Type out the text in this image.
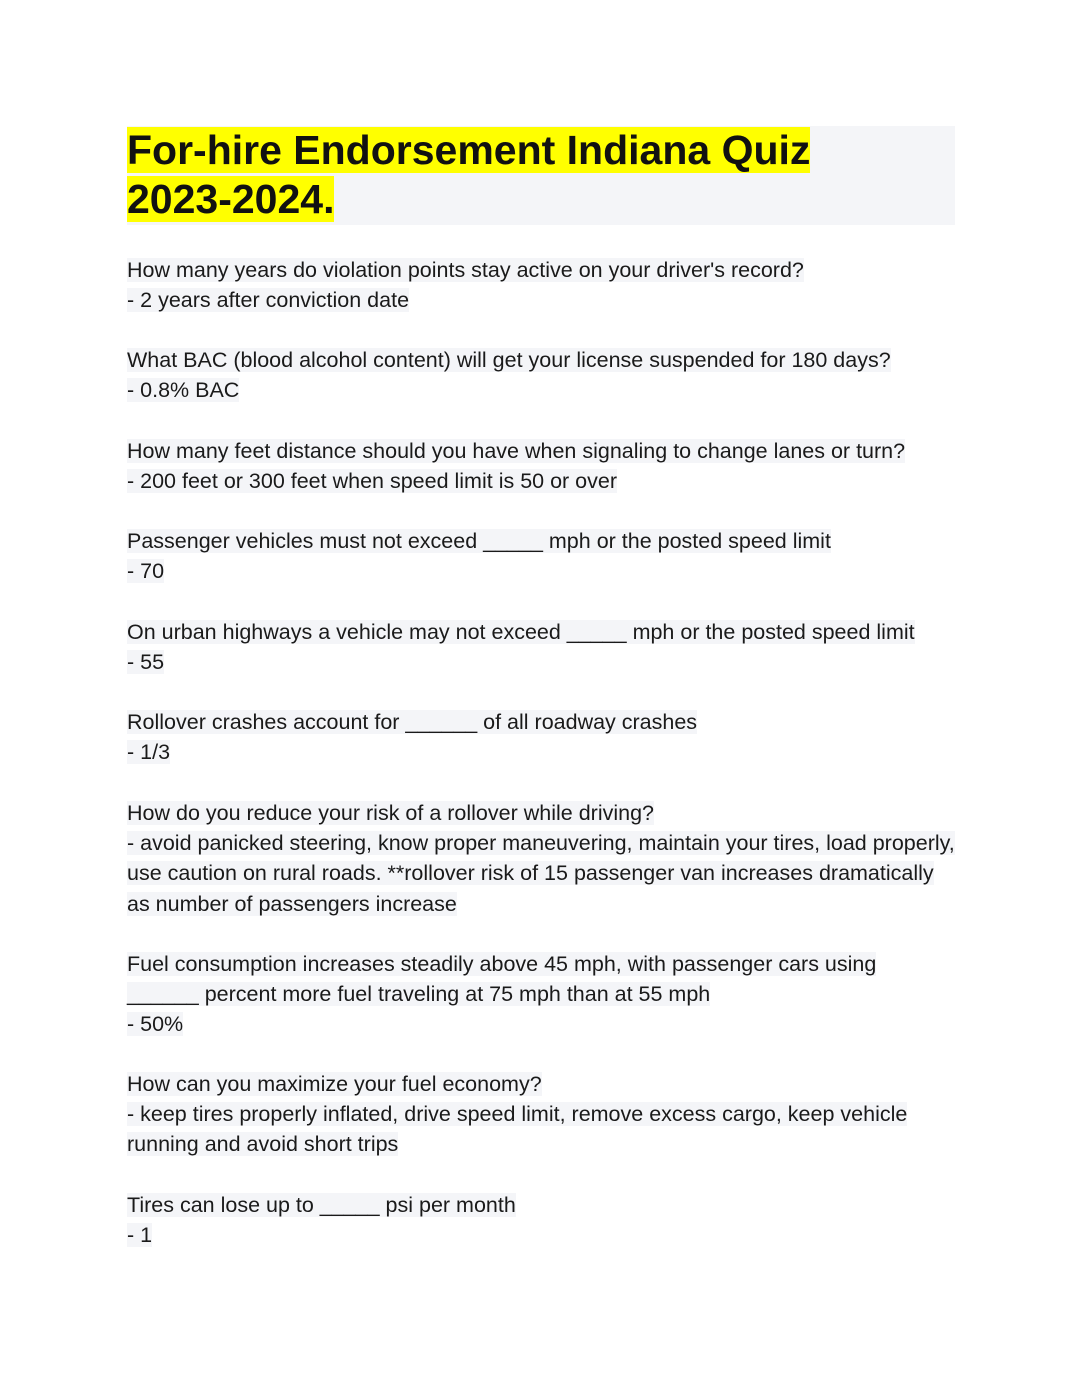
For-hire Endorsement Indiana Quiz 2023-2024.
How many years do violation points stay active on your driver's record?
- 2 years after conviction date
What BAC (blood alcohol content) will get your license suspended for 180 days?
- 0.8% BAC
How many feet distance should you have when signaling to change lanes or turn?
- 200 feet or 300 feet when speed limit is 50 or over
Passenger vehicles must not exceed _____ mph or the posted speed limit
- 70
On urban highways a vehicle may not exceed _____ mph or the posted speed limit
- 55
Rollover crashes account for ______ of all roadway crashes
- 1/3
How do you reduce your risk of a rollover while driving?
- avoid panicked steering, know proper maneuvering, maintain your tires, load properly, use caution on rural roads. **rollover risk of 15 passenger van increases dramatically as number of passengers increase
Fuel consumption increases steadily above 45 mph, with passenger cars using ______ percent more fuel traveling at 75 mph than at 55 mph
- 50%
How can you maximize your fuel economy?
- keep tires properly inflated, drive speed limit, remove excess cargo, keep vehicle running and avoid short trips
Tires can lose up to _____ psi per month
- 1
